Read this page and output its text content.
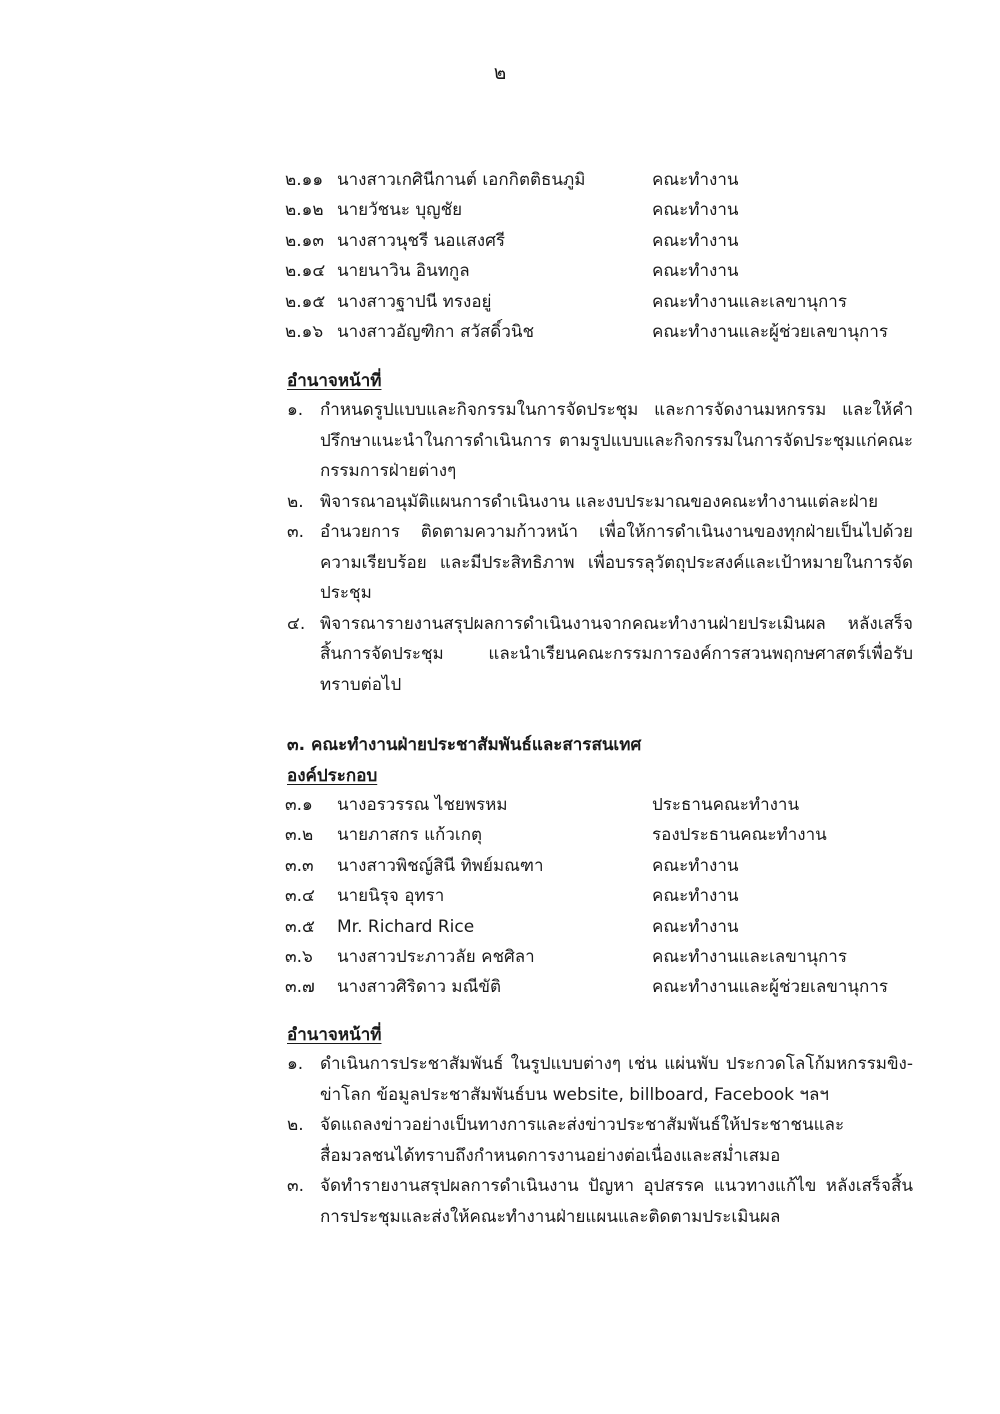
๒
๒.๑๑ นางสาวเกศินีกานต์ เอกกิตติธนภูมิ	คณะทำงาน
๒.๑๒ นายวัชนะ บุญชัย	คณะทำงาน
๒.๑๓ นางสาวนุชรี นอแสงศรี	คณะทำงาน
๒.๑๔ นายนาวิน อินทกูล	คณะทำงาน
๒.๑๕ นางสาวฐาปนี ทรงอยู่	คณะทำงานและเลขานุการ
๒.๑๖ นางสาวอัญฑิกา สวัสดิ์วนิช	คณะทำงานและผู้ช่วยเลขานุการ
อำนาจหน้าที่
๑. กำหนดรูปแบบและกิจกรรมในการจัดประชุม และการจัดงานมหกรรม และให้คำปรึกษาแนะนำในการดำเนินการ ตามรูปแบบและกิจกรรมในการจัดประชุมแก่คณะกรรมการฝ่ายต่างๆ
๒. พิจารณาอนุมัติแผนการดำเนินงาน และงบประมาณของคณะทำงานแต่ละฝ่าย
๓. อำนวยการ ติดตามความก้าวหน้า เพื่อให้การดำเนินงานของทุกฝ่ายเป็นไปด้วยความเรียบร้อย และมีประสิทธิภาพ เพื่อบรรลุวัตถุประสงค์และเป้าหมายในการจัดประชุม
๔. พิจารณารายงานสรุปผลการดำเนินงานจากคณะทำงานฝ่ายประเมินผล หลังเสร็จสิ้นการจัดประชุม และนำเรียนคณะกรรมการองค์การสวนพฤกษศาสตร์เพื่อรับทราบต่อไป
๓. คณะทำงานฝ่ายประชาสัมพันธ์และสารสนเทศ
องค์ประกอบ
๓.๑ นางอรวรรณ ไชยพรหม	ประธานคณะทำงาน
๓.๒ นายภาสกร แก้วเกตุ	รองประธานคณะทำงาน
๓.๓ นางสาวพิชญ์สินี ทิพย์มณฑา	คณะทำงาน
๓.๔ นายนิรุจ อุทรา	คณะทำงาน
๓.๕ Mr. Richard Rice	คณะทำงาน
๓.๖ นางสาวประภาวลัย คชศิลา	คณะทำงานและเลขานุการ
๓.๗ นางสาวศิริดาว มณีขัติ	คณะทำงานและผู้ช่วยเลขานุการ
อำนาจหน้าที่
๑. ดำเนินการประชาสัมพันธ์ ในรูปแบบต่างๆ เช่น แผ่นพับ ประกวดโลโก้มหกรรมขิง-ข่าโลก ข้อมูลประชาสัมพันธ์บน website, billboard, Facebook ฯลฯ
๒. จัดแถลงข่าวอย่างเป็นทางการและส่งข่าวประชาสัมพันธ์ให้ประชาชนและสื่อมวลชนได้ทราบถึงกำหนดการงานอย่างต่อเนื่องและสม่ำเสมอ
๓. จัดทำรายงานสรุปผลการดำเนินงาน ปัญหา อุปสรรค แนวทางแก้ไข หลังเสร็จสิ้นการประชุมและส่งให้คณะทำงานฝ่ายแผนและติดตามประเมินผล
